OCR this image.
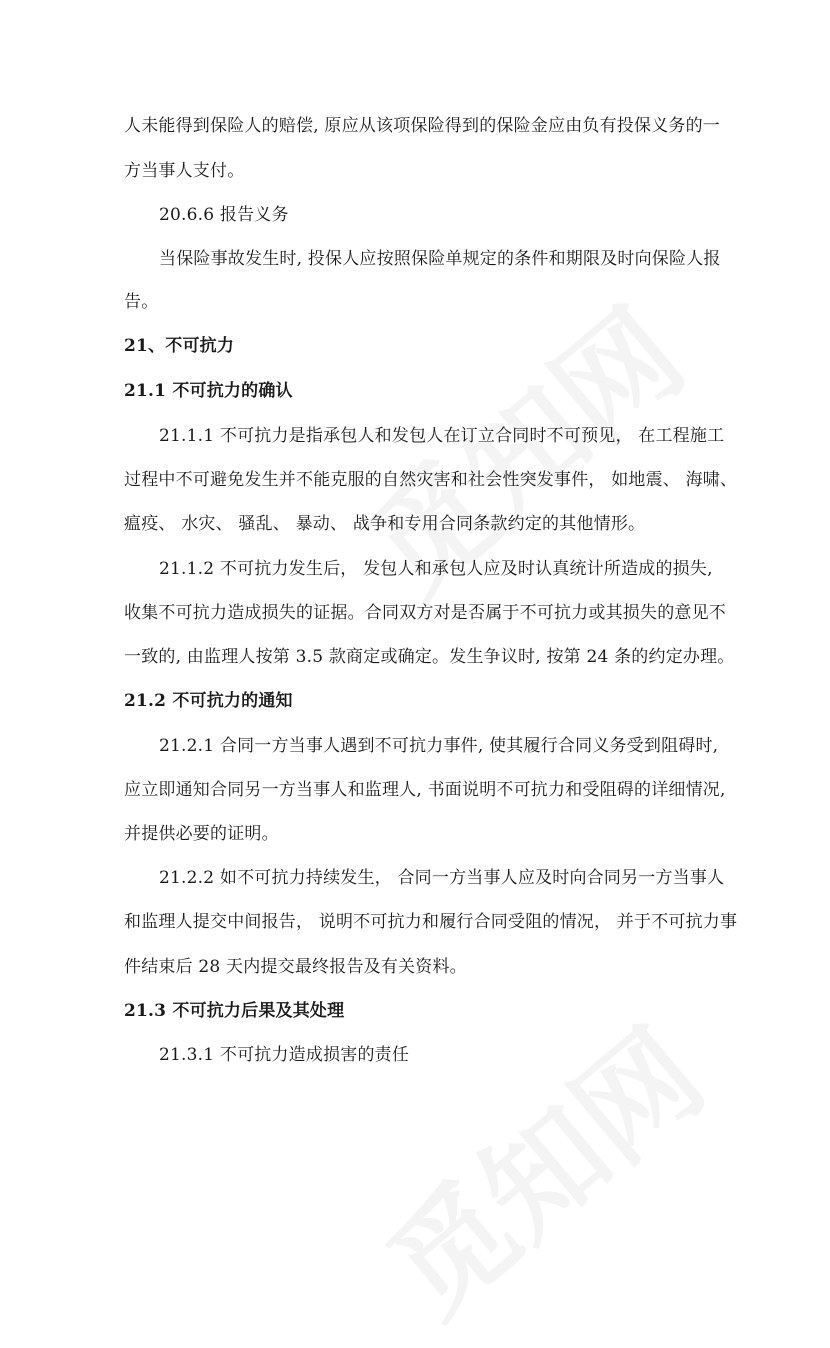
人未能得到保险人的赔偿, 原应从该项保险得到的保险金应由负有投保义务的一
方当事人支付。
20.6.6 报告义务
当保险事故发生时, 投保人应按照保险单规定的条件和期限及时向保险人报
告。
21、不可抗力
21.1 不可抗力的确认
21.1.1 不可抗力是指承包人和发包人在订立合同时不可预见， 在工程施工
过程中不可避免发生并不能克服的自然灾害和社会性突发事件， 如地震、 海啸、
瘟疫、 水灾、 骚乱、 暴动、 战争和专用合同条款约定的其他情形。
21.1.2 不可抗力发生后， 发包人和承包人应及时认真统计所造成的损失,
收集不可抗力造成损失的证据。合同双方对是否属于不可抗力或其损失的意见不
一致的, 由监理人按第 3.5 款商定或确定。发生争议时, 按第 24 条的约定办理。
21.2 不可抗力的通知
21.2.1 合同一方当事人遇到不可抗力事件, 使其履行合同义务受到阻碍时,
应立即通知合同另一方当事人和监理人, 书面说明不可抗力和受阻碍的详细情况,
并提供必要的证明。
21.2.2 如不可抗力持续发生， 合同一方当事人应及时向合同另一方当事人
和监理人提交中间报告， 说明不可抗力和履行合同受阻的情况， 并于不可抗力事
件结束后 28 天内提交最终报告及有关资料。
21.3 不可抗力后果及其处理
21.3.1 不可抗力造成损害的责任
